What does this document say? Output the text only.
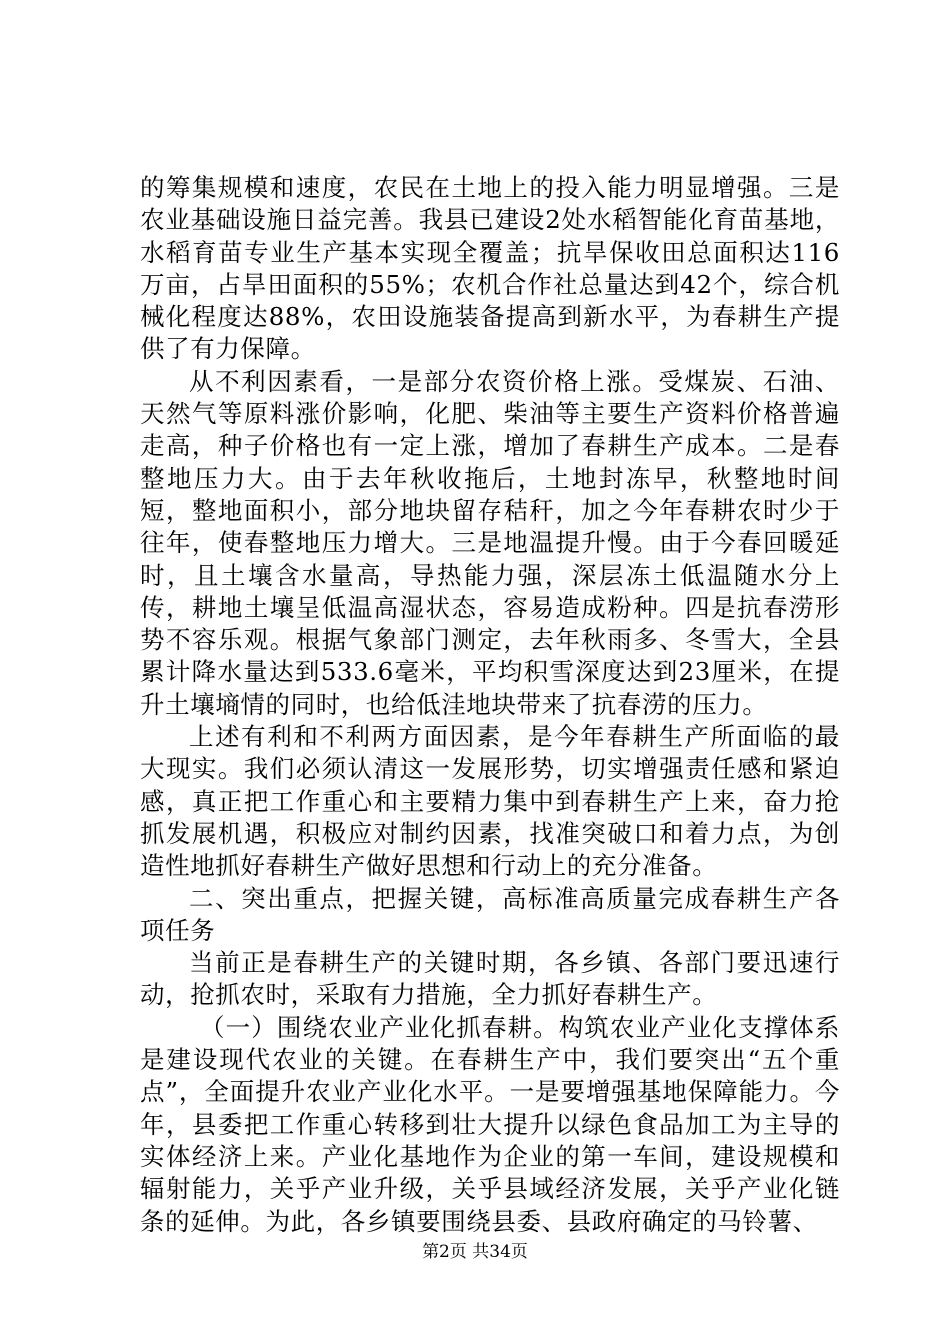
的筹集规模和速度，农民在土地上的投入能力明显增强。三是农业基础设施日益完善。我县已建设2处水稻智能化育苗基地，水稻育苗专业生产基本实现全覆盖；抗旱保收田总面积达116万亩，占旱田面积的55%；农机合作社总量达到42个，综合机械化程度达88%，农田设施装备提高到新水平，为春耕生产提供了有力保障。

从不利因素看，一是部分农资价格上涨。受煤炭、石油、天然气等原料涨价影响，化肥、柴油等主要生产资料价格普遍走高，种子价格也有一定上涨，增加了春耕生产成本。二是春整地压力大。由于去年秋收拖后，土地封冻早，秋整地时间短，整地面积小，部分地块留存秸秆，加之今年春耕农时少于往年，使春整地压力增大。三是地温提升慢。由于今春回暖延时，且土壤含水量高，导热能力强，深层冻土低温随水分上传，耕地土壤呈低温高湿状态，容易造成粉种。四是抗春涝形势不容乐观。根据气象部门测定，去年秋雨多、冬雪大，全县累计降水量达到533.6毫米，平均积雪深度达到23厘米，在提升土壤墒情的同时，也给低洼地块带来了抗春涝的压力。

上述有利和不利两方面因素，是今年春耕生产所面临的最大现实。我们必须认清这一发展形势，切实增强责任感和紧迫感，真正把工作重心和主要精力集中到春耕生产上来，奋力抢抓发展机遇，积极应对制约因素，找准突破口和着力点，为创造性地抓好春耕生产做好思想和行动上的充分准备。

二、突出重点，把握关键，高标准高质量完成春耕生产各项任务

当前正是春耕生产的关键时期，各乡镇、各部门要迅速行动，抢抓农时，采取有力措施，全力抓好春耕生产。

（一）围绕农业产业化抓春耕。构筑农业产业化支撑体系是建设现代农业的关键。在春耕生产中，我们要突出“五个重点”，全面提升农业产业化水平。一是要增强基地保障能力。今年，县委把工作重心转移到壮大提升以绿色食品加工为主导的实体经济上来。产业化基地作为企业的第一车间，建设规模和辐射能力，关乎产业升级，关乎县域经济发展，关乎产业化链条的延伸。为此，各乡镇要围绕县委、县政府确定的马铃薯、

第2页 共34页
